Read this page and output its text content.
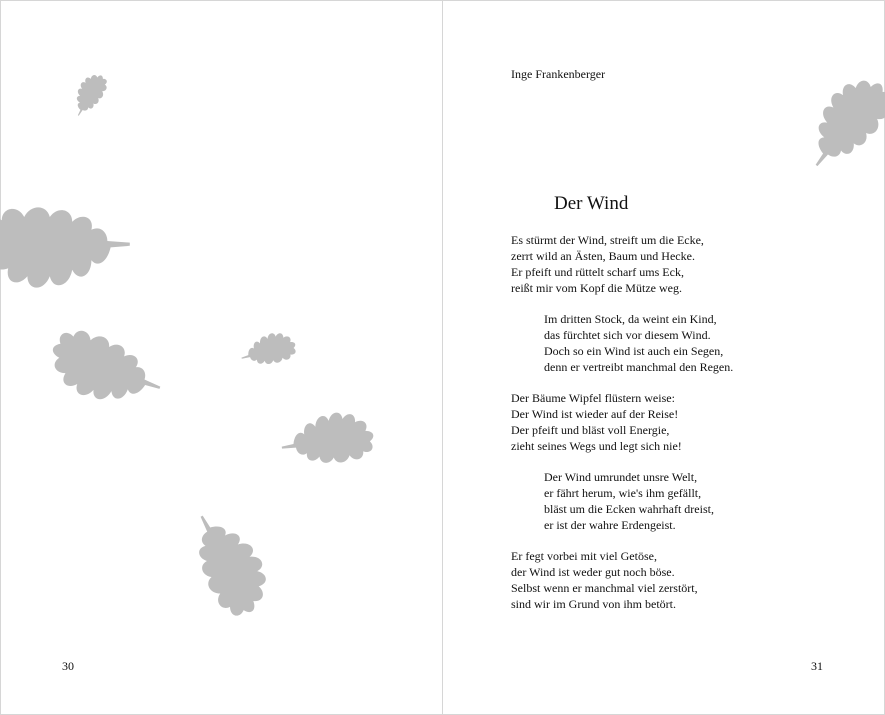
30
Inge Frankenberger
Der Wind
Es stürmt der Wind, streift um die Ecke,
zerrt wild an Ästen, Baum und Hecke.
Er pfeift und rüttelt scharf ums Eck,
reißt mir vom Kopf die Mütze weg.
Im dritten Stock, da weint ein Kind,
das fürchtet sich vor diesem Wind.
Doch so ein Wind ist auch ein Segen,
denn er vertreibt manchmal den Regen.
Der Bäume Wipfel flüstern weise:
Der Wind ist wieder auf der Reise!
Der pfeift und bläst voll Energie,
zieht seines Wegs und legt sich nie!
Der Wind umrundet unsre Welt,
er fährt herum, wie's ihm gefällt,
bläst um die Ecken wahrhaft dreist,
er ist der wahre Erdengeist.
Er fegt vorbei mit viel Getöse,
der Wind ist weder gut noch böse.
Selbst wenn er manchmal viel zerstört,
sind wir im Grund von ihm betört.
31
